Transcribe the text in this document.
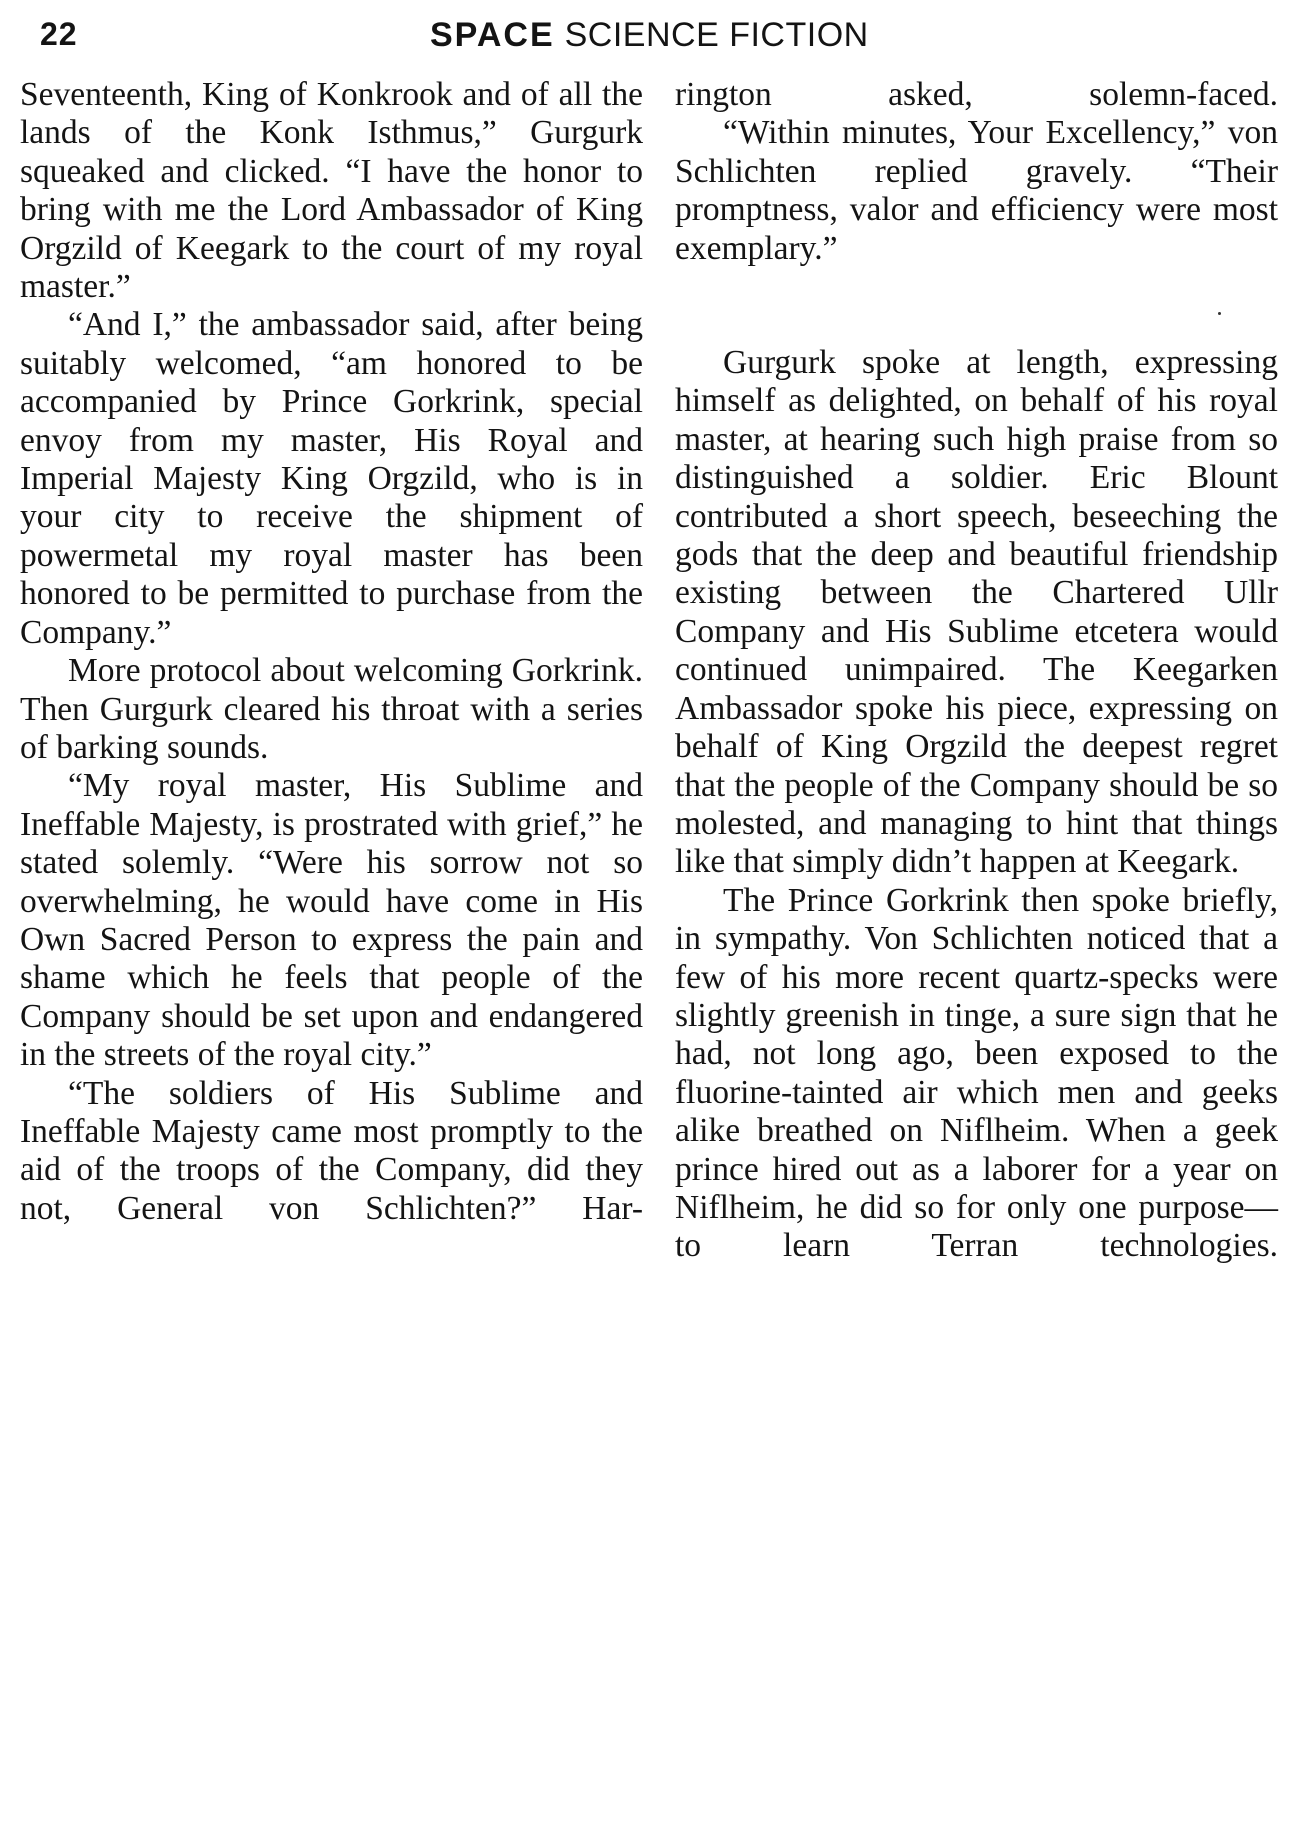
22	SPACE SCIENCE FICTION

Seventeenth, King of Konkrook and of all the lands of the Konk Isthmus,” Gurgurk squeaked and clicked. “I have the honor to bring with me the Lord Ambassador of King Orgzild of Keegark to the court of my royal master.”

“And I,” the ambassador said, after being suitably welcomed, “am honored to be accompanied by Prince Gorkrink, special envoy from my master, His Royal and Imperial Majesty King Orgzild, who is in your city to receive the shipment of powermetal my royal master has been honored to be permitted to purchase from the Company.”

More protocol about welcoming Gorkrink. Then Gurgurk cleared his throat with a series of barking sounds.

“My royal master, His Sublime and Ineffable Majesty, is prostrated with grief,” he stated solemly. “Were his sorrow not so overwhelming, he would have come in His Own Sacred Person to express the pain and shame which he feels that people of the Company should be set upon and endangered in the streets of the royal city.”

“The soldiers of His Sublime and Ineffable Majesty came most promptly to the aid of the troops of the Company, did they not, General von Schlichten?” Har-

rington asked, solemn-faced.

“Within minutes, Your Excellency,” von Schlichten replied gravely. “Their promptness, valor and efficiency were most exemplary.”

Gurgurk spoke at length, expressing himself as delighted, on behalf of his royal master, at hearing such high praise from so distinguished a soldier. Eric Blount contributed a short speech, beseeching the gods that the deep and beautiful friendship existing between the Chartered Ullr Company and His Sublime etcetera would continued unimpaired. The Keegarken Ambassador spoke his piece, expressing on behalf of King Orgzild the deepest regret that the people of the Company should be so molested, and managing to hint that things like that simply didn’t happen at Keegark.

The Prince Gorkrink then spoke briefly, in sympathy. Von Schlichten noticed that a few of his more recent quartz-specks were slightly greenish in tinge, a sure sign that he had, not long ago, been exposed to the fluorine-tainted air which men and geeks alike breathed on Niflheim. When a geek prince hired out as a laborer for a year on Niflheim, he did so for only one purpose—to learn Terran technologies.
